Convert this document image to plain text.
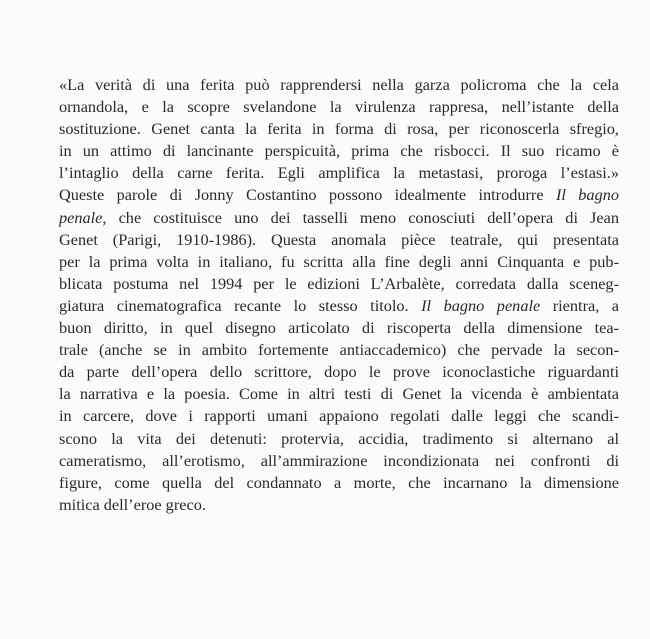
«La verità di una ferita può rapprendersi nella garza policroma che la cela
ornandola, e la scopre svelandone la virulenza rappresa, nell’istante della
sostituzione. Genet canta la ferita in forma di rosa, per riconoscerla sfregio,
in un attimo di lancinante perspicuità, prima che risbocci. Il suo ricamo è
l’intaglio della carne ferita. Egli amplifica la metastasi, proroga l’estasi.»
Queste parole di Jonny Costantino possono idealmente introdurre Il bagno
penale, che costituisce uno dei tasselli meno conosciuti dell’opera di Jean
Genet (Parigi, 1910-1986). Questa anomala pièce teatrale, qui presentata
per la prima volta in italiano, fu scritta alla fine degli anni Cinquanta e pub-
blicata postuma nel 1994 per le edizioni L’Arbalète, corredata dalla sceneg-
giatura cinematografica recante lo stesso titolo. Il bagno penale rientra, a
buon diritto, in quel disegno articolato di riscoperta della dimensione tea-
trale (anche se in ambito fortemente antiaccademico) che pervade la secon-
da parte dell’opera dello scrittore, dopo le prove iconoclastiche riguardanti
la narrativa e la poesia. Come in altri testi di Genet la vicenda è ambientata
in carcere, dove i rapporti umani appaiono regolati dalle leggi che scandi-
scono la vita dei detenuti: protervia, accidia, tradimento si alternano al
cameratismo, all’erotismo, all’ammirazione incondizionata nei confronti di
figure, come quella del condannato a morte, che incarnano la dimensione
mitica dell’eroe greco.
